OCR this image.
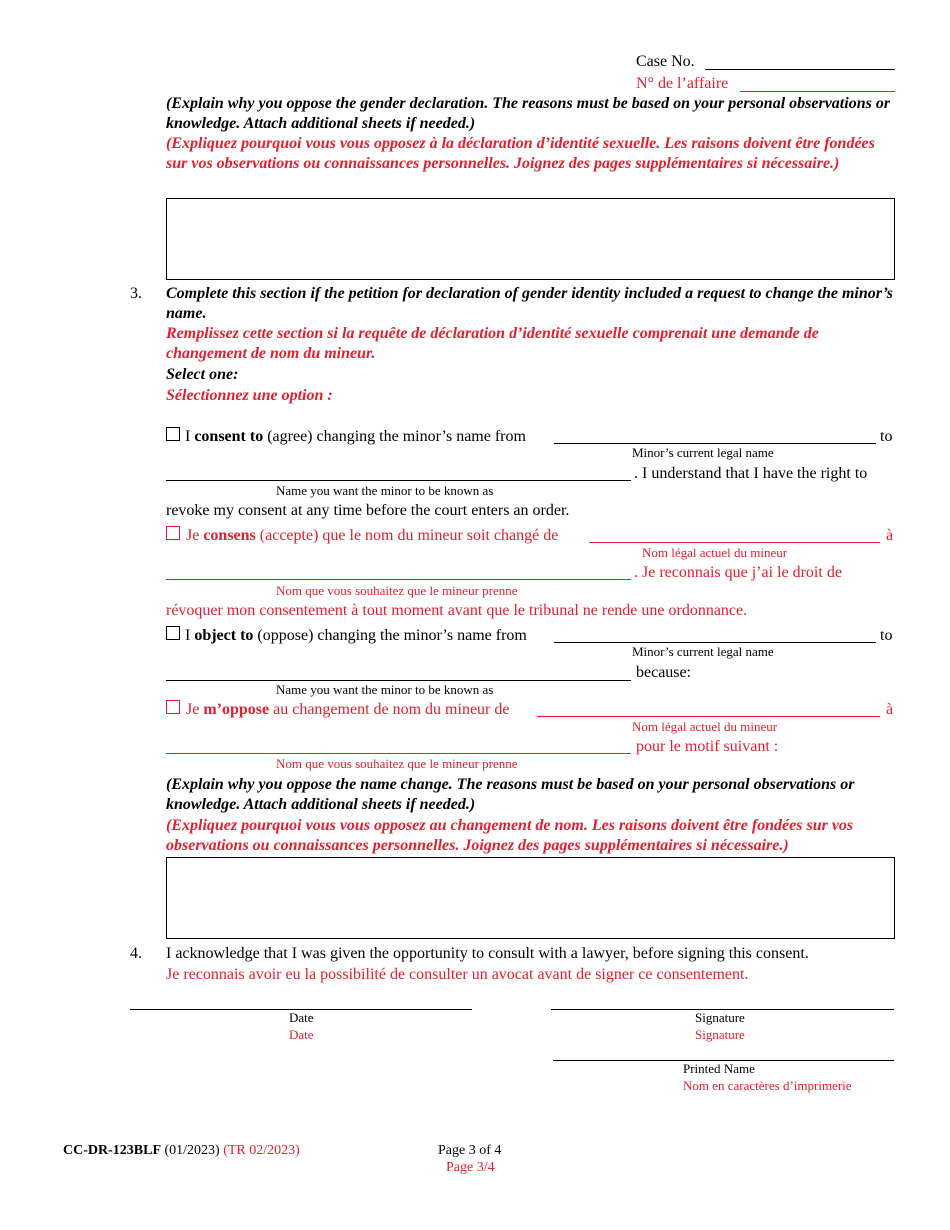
Case No.
N° de l’affaire
(Explain why you oppose the gender declaration. The reasons must be based on your personal observations or knowledge. Attach additional sheets if needed.)
(Expliquez pourquoi vous vous opposez à la déclaration d’identité sexuelle. Les raisons doivent être fondées sur vos observations ou connaissances personnelles. Joignez des pages supplémentaires si nécessaire.)
3. Complete this section if the petition for declaration of gender identity included a request to change the minor’s name.
Remplissez cette section si la requête de déclaration d’identité sexuelle comprenait une demande de changement de nom du mineur.
Select one:
Sélectionnez une option :
I consent to (agree) changing the minor’s name from	to
Minor’s current legal name
. I understand that I have the right to
Name you want the minor to be known as
revoke my consent at any time before the court enters an order.
Je consens (accepte) que le nom du mineur soit changé de	à
Nom légal actuel du mineur
. Je reconnais que j’ai le droit de
Nom que vous souhaitez que le mineur prenne
révoquer mon consentement à tout moment avant que le tribunal ne rende une ordonnance.
I object to (oppose) changing the minor’s name from	to
Minor’s current legal name
because:
Name you want the minor to be known as
Je m’oppose au changement de nom du mineur de	à
Nom légal actuel du mineur
pour le motif suivant :
Nom que vous souhaitez que le mineur prenne
(Explain why you oppose the name change. The reasons must be based on your personal observations or knowledge. Attach additional sheets if needed.)
(Expliquez pourquoi vous vous opposez au changement de nom. Les raisons doivent être fondées sur vos observations ou connaissances personnelles. Joignez des pages supplémentaires si nécessaire.)
4. I acknowledge that I was given the opportunity to consult with a lawyer, before signing this consent.
Je reconnais avoir eu la possibilité de consulter un avocat avant de signer ce consentement.
Date
Date
Signature
Signature
Printed Name
Nom en caractères d’imprimerie
CC-DR-123BLF (01/2023) (TR 02/2023)	Page 3 of 4
Page 3/4
